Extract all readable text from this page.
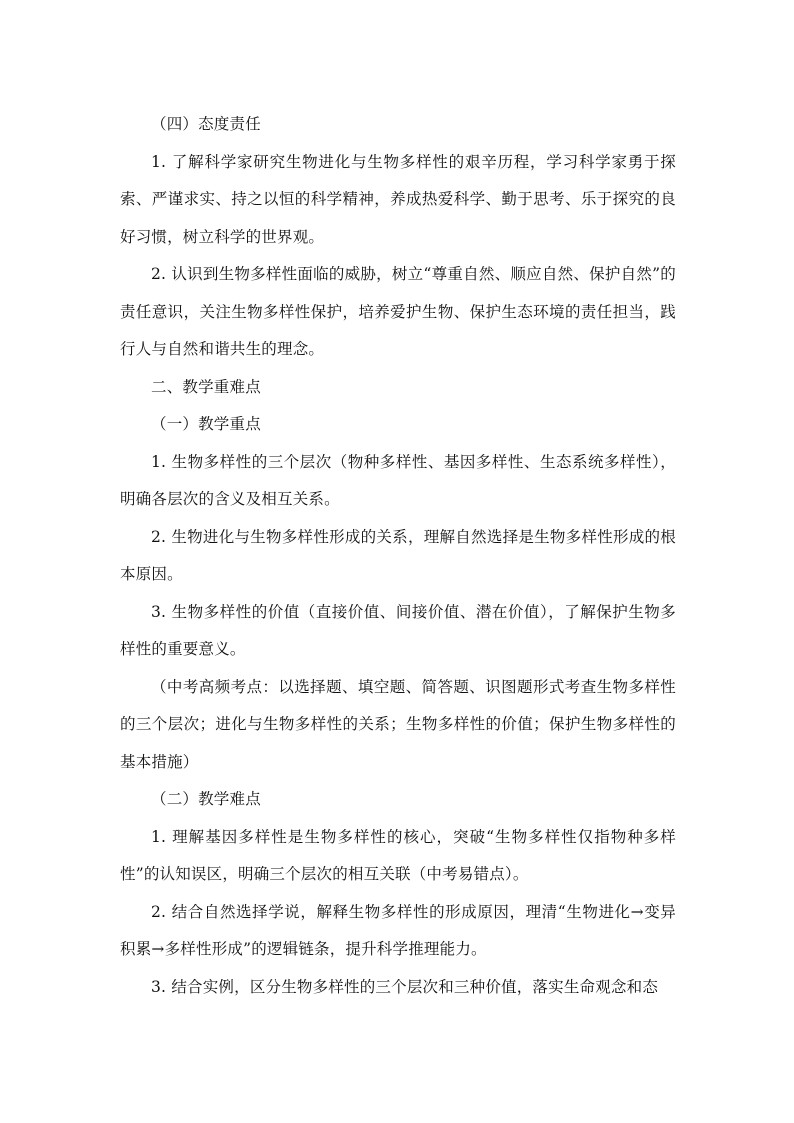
（四）态度责任

1. 了解科学家研究生物进化与生物多样性的艰辛历程，学习科学家勇于探索、严谨求实、持之以恒的科学精神，养成热爱科学、勤于思考、乐于探究的良好习惯，树立科学的世界观。

2. 认识到生物多样性面临的威胁，树立“尊重自然、顺应自然、保护自然”的责任意识，关注生物多样性保护，培养爱护生物、保护生态环境的责任担当，践行人与自然和谐共生的理念。

二、教学重难点

（一）教学重点

1. 生物多样性的三个层次（物种多样性、基因多样性、生态系统多样性），明确各层次的含义及相互关系。

2. 生物进化与生物多样性形成的关系，理解自然选择是生物多样性形成的根本原因。

3. 生物多样性的价值（直接价值、间接价值、潜在价值），了解保护生物多样性的重要意义。

（中考高频考点：以选择题、填空题、简答题、识图题形式考查生物多样性的三个层次；进化与生物多样性的关系；生物多样性的价值；保护生物多样性的基本措施）

（二）教学难点

1. 理解基因多样性是生物多样性的核心，突破“生物多样性仅指物种多样性”的认知误区，明确三个层次的相互关联（中考易错点）。

2. 结合自然选择学说，解释生物多样性的形成原因，理清“生物进化→变异积累→多样性形成”的逻辑链条，提升科学推理能力。

3. 结合实例，区分生物多样性的三个层次和三种价值，落实生命观念和态
